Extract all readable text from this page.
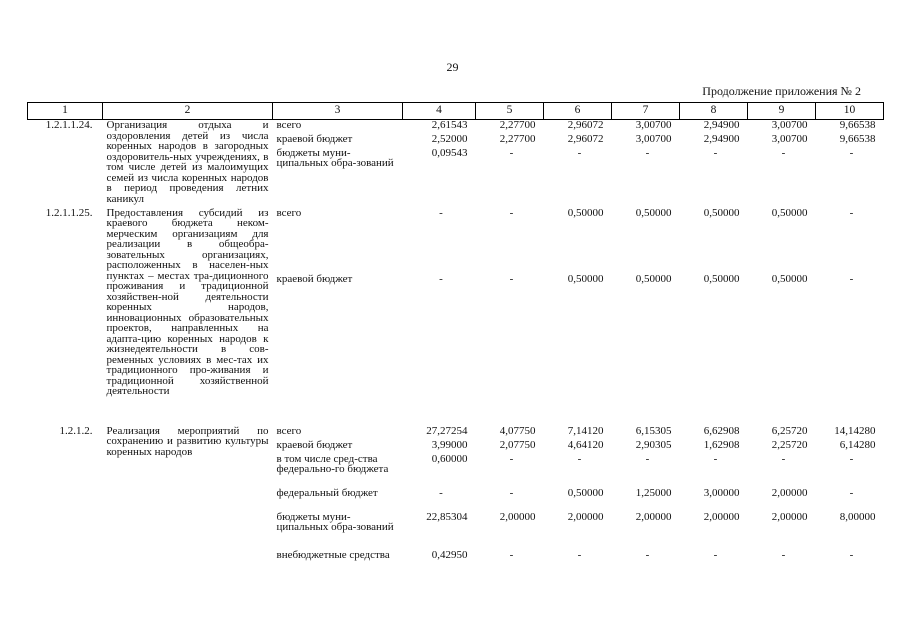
29
Продолжение приложения № 2
1	2	3	4	5	6	7	8	9	10
1.2.1.1.24.	Организация отдыха и оздоровления детей из числа коренных народов в загородных оздоровитель-ных учреждениях, в том числе детей из малоимущих семей из числа коренных народов в период проведения летних каникул	всего	2,61543	2,27700	2,96072	3,00700	2,94900	3,00700	9,66538
		краевой бюджет	2,52000	2,27700	2,96072	3,00700	2,94900	3,00700	9,66538
		бюджеты муни-ципальных обра-зований	0,09543	-	-	-	-	-	-
1.2.1.1.25.	Предоставления субсидий из краевого бюджета неком-мерческим организациям для реализации в общеобра-зовательных организациях, расположенных в населен-ных пунктах – местах тра-диционного проживания и традиционной хозяйствен-ной деятельности коренных народов, инновационных образовательных проектов, направленных на адапта-цию коренных народов к жизнедеятельности в сов-ременных условиях в мес-тах их традиционного про-живания и традиционной хозяйственной деятельности	всего	-	-	0,50000	0,50000	0,50000	0,50000	-
		краевой бюджет	-	-	0,50000	0,50000	0,50000	0,50000	-
1.2.1.2.	Реализация мероприятий по сохранению и развитию культуры коренных народов	всего	27,27254	4,07750	7,14120	6,15305	6,62908	6,25720	14,14280
		краевой бюджет	3,99000	2,07750	4,64120	2,90305	1,62908	2,25720	6,14280
		в том числе сред-ства федерально-го бюджета	0,60000	-	-	-	-	-	-
		федеральный бюджет	-	-	0,50000	1,25000	3,00000	2,00000	-
		бюджеты муни-ципальных обра-зований	22,85304	2,00000	2,00000	2,00000	2,00000	2,00000	8,00000
		внебюджетные средства	0,42950	-	-	-	-	-	-
